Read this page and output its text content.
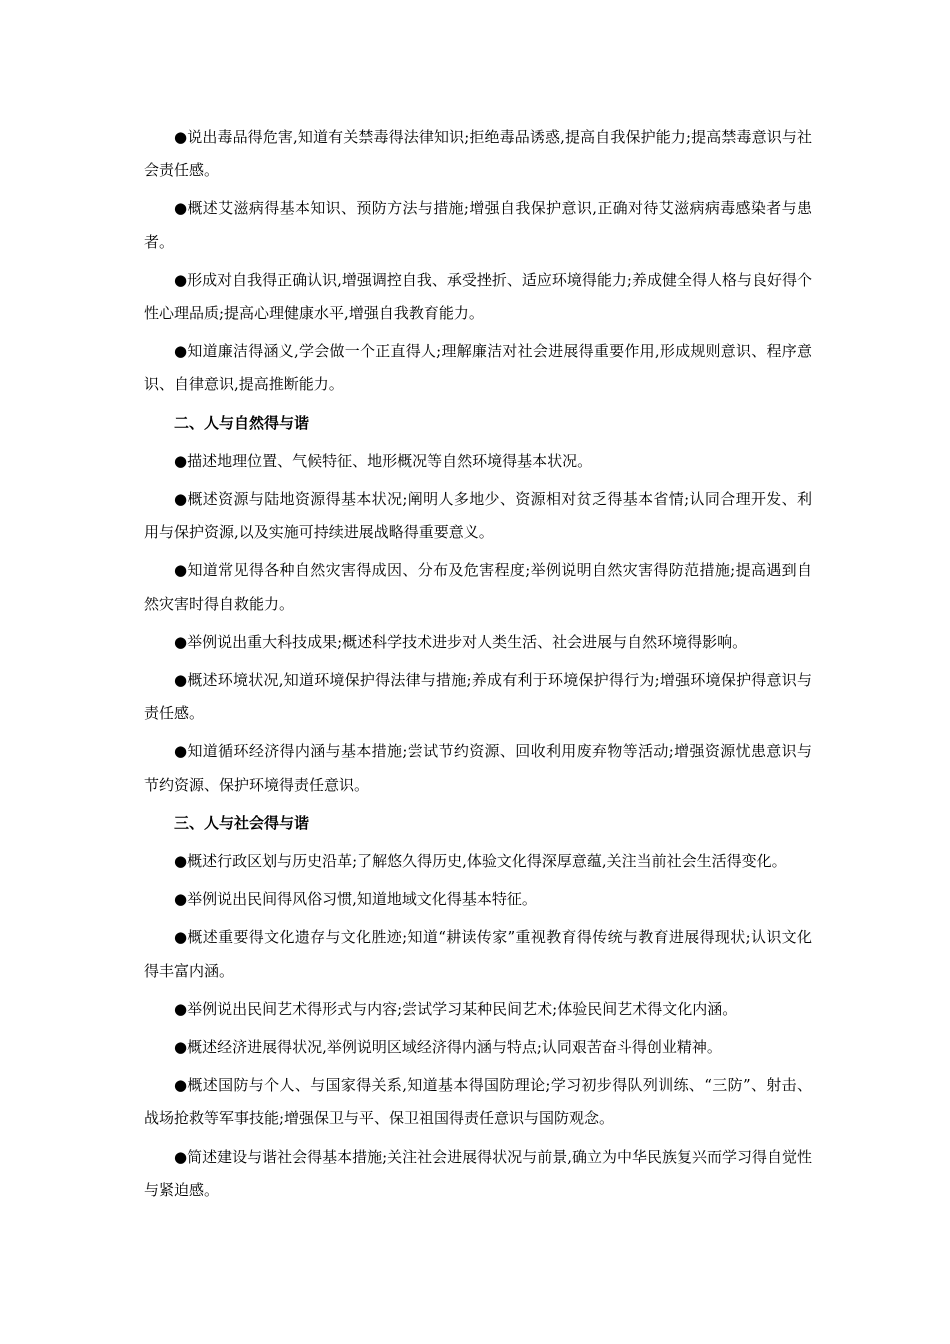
●说出毒品得危害,知道有关禁毒得法律知识;拒绝毒品诱惑,提高自我保护能力;提高禁毒意识与社会责任感。

●概述艾滋病得基本知识、预防方法与措施;增强自我保护意识,正确对待艾滋病病毒感染者与患者。

●形成对自我得正确认识,增强调控自我、承受挫折、适应环境得能力;养成健全得人格与良好得个性心理品质;提高心理健康水平,增强自我教育能力。

●知道廉洁得涵义,学会做一个正直得人;理解廉洁对社会进展得重要作用,形成规则意识、程序意识、自律意识,提高推断能力。

二、人与自然得与谐

●描述地理位置、气候特征、地形概况等自然环境得基本状况。

●概述资源与陆地资源得基本状况;阐明人多地少、资源相对贫乏得基本省情;认同合理开发、利用与保护资源,以及实施可持续进展战略得重要意义。

●知道常见得各种自然灾害得成因、分布及危害程度;举例说明自然灾害得防范措施;提高遇到自然灾害时得自救能力。

●举例说出重大科技成果;概述科学技术进步对人类生活、社会进展与自然环境得影响。

●概述环境状况,知道环境保护得法律与措施;养成有利于环境保护得行为;增强环境保护得意识与责任感。

●知道循环经济得内涵与基本措施;尝试节约资源、回收利用废弃物等活动;增强资源忧患意识与节约资源、保护环境得责任意识。

三、人与社会得与谐

●概述行政区划与历史沿革;了解悠久得历史,体验文化得深厚意蕴,关注当前社会生活得变化。

●举例说出民间得风俗习惯,知道地域文化得基本特征。

●概述重要得文化遗存与文化胜迹;知道“耕读传家”重视教育得传统与教育进展得现状;认识文化得丰富内涵。

●举例说出民间艺术得形式与内容;尝试学习某种民间艺术;体验民间艺术得文化内涵。

●概述经济进展得状况,举例说明区域经济得内涵与特点;认同艰苦奋斗得创业精神。

●概述国防与个人、与国家得关系,知道基本得国防理论;学习初步得队列训练、“三防”、射击、战场抢救等军事技能;增强保卫与平、保卫祖国得责任意识与国防观念。

●简述建设与谐社会得基本措施;关注社会进展得状况与前景,确立为中华民族复兴而学习得自觉性与紧迫感。
